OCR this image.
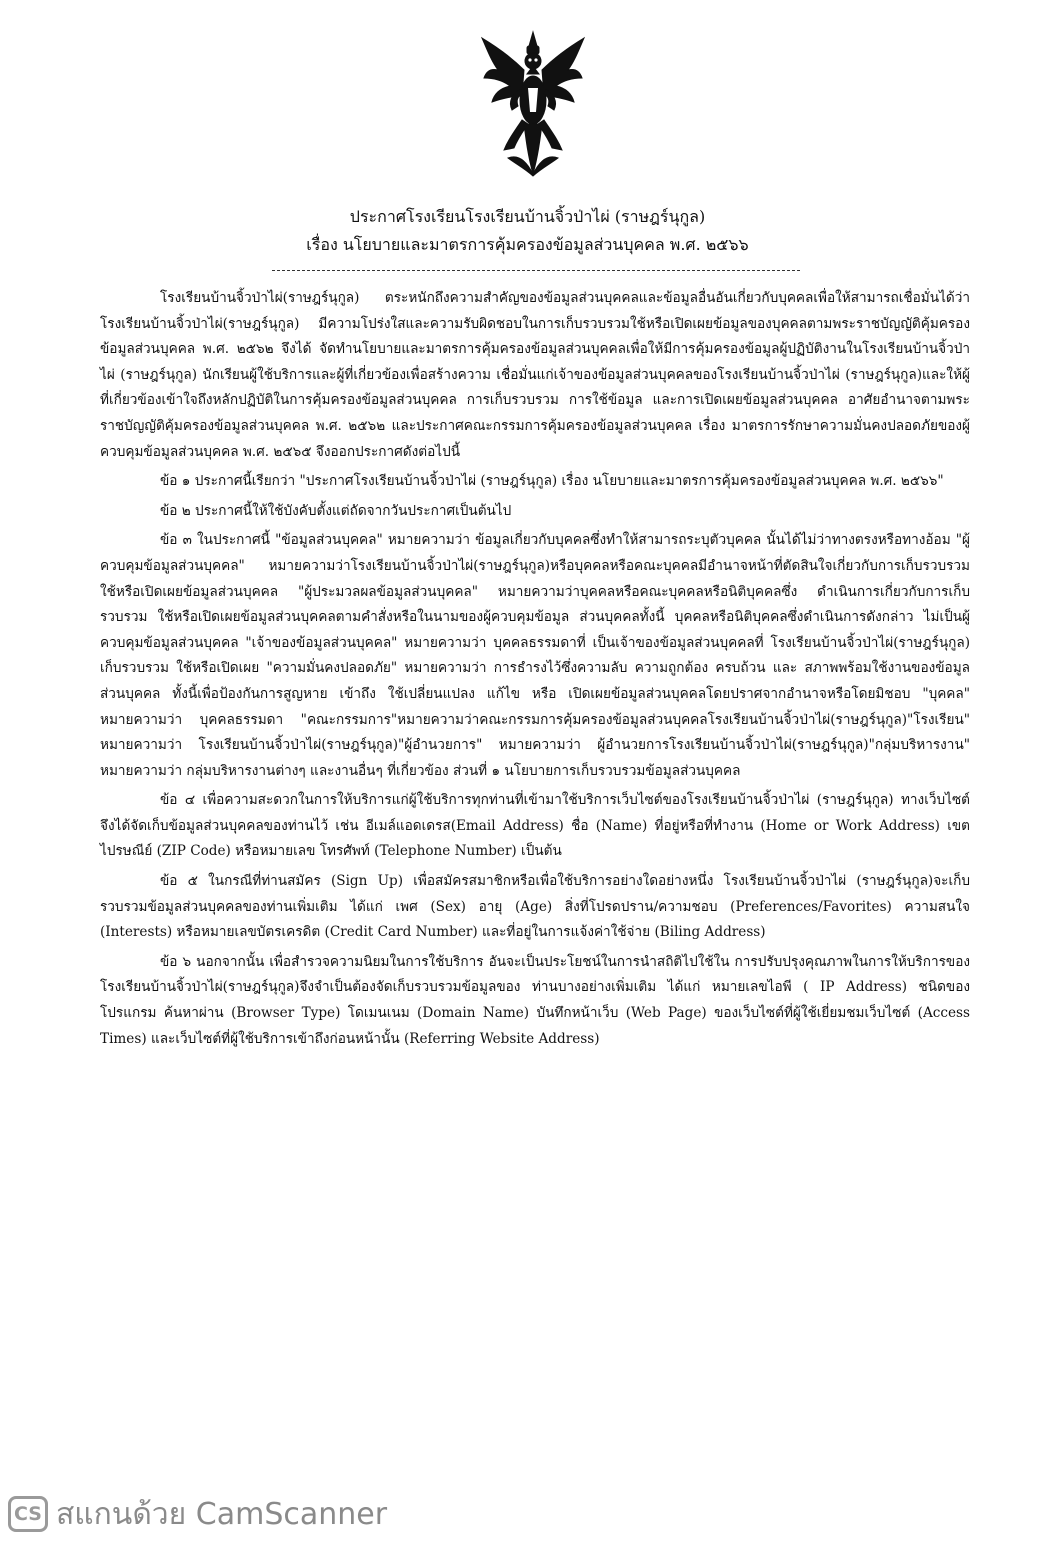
ประกาศโรงเรียนโรงเรียนบ้านจิ้วป่าไผ่ (ราษฎร์นุกูล)
เรื่อง นโยบายและมาตรการคุ้มครองข้อมูลส่วนบุคคล พ.ศ. ๒๕๖๖

โรงเรียนบ้านจิ้วป่าไผ่(ราษฎร์นุกูล) ตระหนักถึงความสำคัญของข้อมูลส่วนบุคคลและข้อมูลอื่นอันเกี่ยวกับบุคคลเพื่อให้สามารถเชื่อมั่นได้ว่าโรงเรียนบ้านจิ้วป่าไผ่(ราษฎร์นุกูล) มีความโปร่งใสและความรับผิดชอบในการเก็บรวบรวมใช้หรือเปิดเผยข้อมูลของบุคคลตามพระราชบัญญัติคุ้มครองข้อมูลส่วนบุคคล พ.ศ. ๒๕๖๒ จึงได้ จัดทำนโยบายและมาตรการคุ้มครองข้อมูลส่วนบุคคลเพื่อให้มีการคุ้มครองข้อมูลผู้ปฏิบัติงานในโรงเรียนบ้านจิ้วป่าไผ่ (ราษฎร์นุกูล) นักเรียนผู้ใช้บริการและผู้ที่เกี่ยวข้องเพื่อสร้างความ เชื่อมั่นแก่เจ้าของข้อมูลส่วนบุคคลของโรงเรียนบ้านจิ้วป่าไผ่ (ราษฎร์นุกูล)และให้ผู้ที่เกี่ยวข้องเข้าใจถึงหลักปฏิบัติในการคุ้มครองข้อมูลส่วนบุคคล การเก็บรวบรวม การใช้ข้อมูล และการเปิดเผยข้อมูลส่วนบุคคล อาศัยอำนาจตามพระราชบัญญัติคุ้มครองข้อมูลส่วนบุคคล พ.ศ. ๒๕๖๒ และประกาศคณะกรรมการคุ้มครองข้อมูลส่วนบุคคล เรื่อง มาตรการรักษาความมั่นคงปลอดภัยของผู้ควบคุมข้อมูลส่วนบุคคล พ.ศ. ๒๕๖๕ จึงออกประกาศดังต่อไปนี้

ข้อ ๑ ประกาศนี้เรียกว่า "ประกาศโรงเรียนบ้านจิ้วป่าไผ่ (ราษฎร์นุกูล) เรื่อง นโยบายและมาตรการคุ้มครองข้อมูลส่วนบุคคล พ.ศ. ๒๕๖๖"

ข้อ ๒ ประกาศนี้ให้ใช้บังคับตั้งแต่ถัดจากวันประกาศเป็นต้นไป

ข้อ ๓ ในประกาศนี้ "ข้อมูลส่วนบุคคล" หมายความว่า ข้อมูลเกี่ยวกับบุคคลซึ่งทำให้สามารถระบุตัวบุคคล นั้นได้ไม่ว่าทางตรงหรือทางอ้อม "ผู้ควบคุมข้อมูลส่วนบุคคล" หมายความว่าโรงเรียนบ้านจิ้วป่าไผ่(ราษฎร์นุกูล)หรือบุคคลหรือคณะบุคคลมีอำนาจหน้าที่ตัดสินใจเกี่ยวกับการเก็บรวบรวม ใช้หรือเปิดเผยข้อมูลส่วนบุคคล "ผู้ประมวลผลข้อมูลส่วนบุคคล" หมายความว่าบุคคลหรือคณะบุคคลหรือนิติบุคคลซึ่ง ดำเนินการเกี่ยวกับการเก็บรวบรวม ใช้หรือเปิดเผยข้อมูลส่วนบุคคลตามคำสั่งหรือในนามของผู้ควบคุมข้อมูล ส่วนบุคคลทั้งนี้ บุคคลหรือนิติบุคคลซึ่งดำเนินการดังกล่าว ไม่เป็นผู้ควบคุมข้อมูลส่วนบุคคล "เจ้าของข้อมูลส่วนบุคคล" หมายความว่า บุคคลธรรมดาที่ เป็นเจ้าของข้อมูลส่วนบุคคลที่ โรงเรียนบ้านจิ้วป่าไผ่(ราษฎร์นุกูล) เก็บรวบรวม ใช้หรือเปิดเผย "ความมั่นคงปลอดภัย" หมายความว่า การธำรงไว้ซึ่งความลับ ความถูกต้อง ครบถ้วน และ สภาพพร้อมใช้งานของข้อมูลส่วนบุคคล ทั้งนี้เพื่อป้องกันการสูญหาย เข้าถึง ใช้เปลี่ยนแปลง แก้ไข หรือ เปิดเผยข้อมูลส่วนบุคคลโดยปราศจากอำนาจหรือโดยมิชอบ "บุคคล" หมายความว่า บุคคลธรรมดา "คณะกรรมการ"หมายความว่าคณะกรรมการคุ้มครองข้อมูลส่วนบุคคลโรงเรียนบ้านจิ้วป่าไผ่(ราษฎร์นุกูล)"โรงเรียน" หมายความว่า โรงเรียนบ้านจิ้วป่าไผ่(ราษฎร์นุกูล)"ผู้อำนวยการ" หมายความว่า ผู้อำนวยการโรงเรียนบ้านจิ้วป่าไผ่(ราษฎร์นุกูล)"กลุ่มบริหารงาน" หมายความว่า กลุ่มบริหารงานต่างๆ และงานอื่นๆ ที่เกี่ยวข้อง ส่วนที่ ๑ นโยบายการเก็บรวบรวมข้อมูลส่วนบุคคล

ข้อ ๔ เพื่อความสะดวกในการให้บริการแก่ผู้ใช้บริการทุกท่านที่เข้ามาใช้บริการเว็บไซต์ของโรงเรียนบ้านจิ้วป่าไผ่ (ราษฎร์นุกูล) ทางเว็บไซต์จึงได้จัดเก็บข้อมูลส่วนบุคคลของท่านไว้ เช่น อีเมล์แอดเดรส(Email Address) ชื่อ (Name) ที่อยู่หรือที่ทำงาน (Home or Work Address) เขตไปรษณีย์ (ZIP Code) หรือหมายเลข โทรศัพท์ (Telephone Number) เป็นต้น

ข้อ ๕ ในกรณีที่ท่านสมัคร (Sign Up) เพื่อสมัครสมาชิกหรือเพื่อใช้บริการอย่างใดอย่างหนึ่ง โรงเรียนบ้านจิ้วป่าไผ่ (ราษฎร์นุกูล)จะเก็บรวบรวมข้อมูลส่วนบุคคลของท่านเพิ่มเติม ได้แก่ เพศ (Sex) อายุ (Age) สิ่งที่โปรดปราน/ความชอบ (Preferences/Favorites) ความสนใจ (Interests) หรือหมายเลขบัตรเครดิต (Credit Card Number) และที่อยู่ในการแจ้งค่าใช้จ่าย (Biling Address)

ข้อ ๖ นอกจากนั้น เพื่อสำรวจความนิยมในการใช้บริการ อันจะเป็นประโยชน์ในการนำสถิติไปใช้ใน การปรับปรุงคุณภาพในการให้บริการของโรงเรียนบ้านจิ้วป่าไผ่(ราษฎร์นุกูล)จึงจำเป็นต้องจัดเก็บรวบรวมข้อมูลของ ท่านบางอย่างเพิ่มเติม ได้แก่ หมายเลขไอพี ( IP Address) ชนิดของ โปรแกรม ค้นหาผ่าน (Browser Type) โดเมนเนม (Domain Name) บันทึกหน้าเว็บ (Web Page) ของเว็บไซต์ที่ผู้ใช้เยี่ยมชมเว็บไซต์ (Access Times) และเว็บไซต์ที่ผู้ใช้บริการเข้าถึงก่อนหน้านั้น (Referring Website Address)

CS สแกนด้วย CamScanner
